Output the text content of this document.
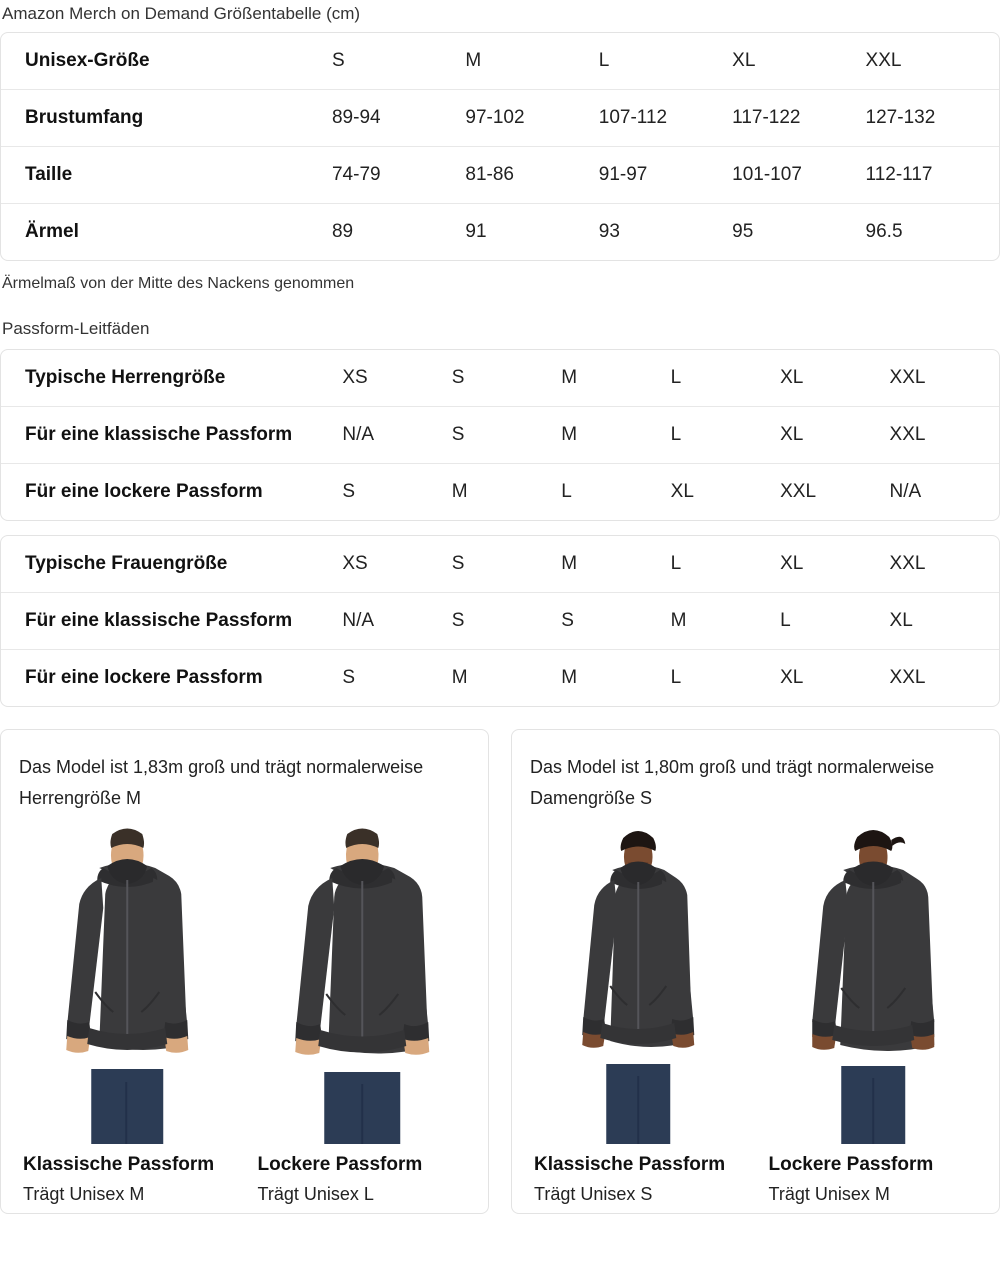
Amazon Merch on Demand Größentabelle (cm)
Unisex-Größe	S	M	L	XL	XXL
Brustumfang	89-94	97-102	107-112	117-122	127-132
Taille	74-79	81-86	91-97	101-107	112-117
Ärmel	89	91	93	95	96.5
Ärmelmaß von der Mitte des Nackens genommen
Passform-Leitfäden
Typische Herrengröße	XS	S	M	L	XL	XXL
Für eine klassische Passform	N/A	S	M	L	XL	XXL
Für eine lockere Passform	S	M	L	XL	XXL	N/A
Typische Frauengröße	XS	S	M	L	XL	XXL
Für eine klassische Passform	N/A	S	S	M	L	XL
Für eine lockere Passform	S	M	M	L	XL	XXL
Das Model ist 1,83m groß und trägt normalerweise Herrengröße M
Klassische Passform
Trägt Unisex M
Lockere Passform
Trägt Unisex L
Das Model ist 1,80m groß und trägt normalerweise Damengröße S
Klassische Passform
Trägt Unisex S
Lockere Passform
Trägt Unisex M
